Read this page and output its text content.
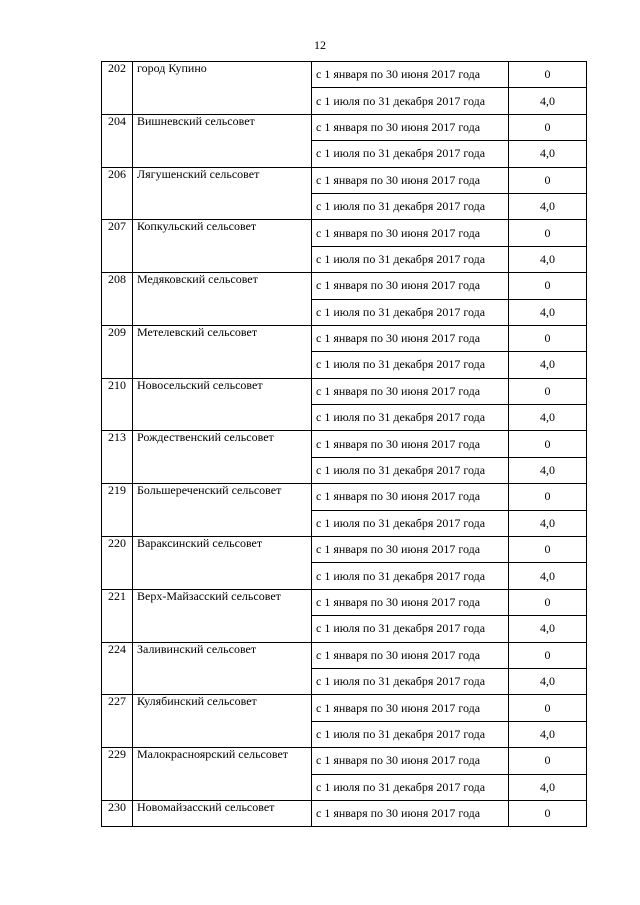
12
202	город Купино	с 1 января по 30 июня 2017 года	0
		с 1 июля по 31 декабря 2017 года	4,0
204	Вишневский сельсовет	с 1 января по 30 июня 2017 года	0
		с 1 июля по 31 декабря 2017 года	4,0
206	Лягушенский сельсовет	с 1 января по 30 июня 2017 года	0
		с 1 июля по 31 декабря 2017 года	4,0
207	Копкульский сельсовет	с 1 января по 30 июня 2017 года	0
		с 1 июля по 31 декабря 2017 года	4,0
208	Медяковский сельсовет	с 1 января по 30 июня 2017 года	0
		с 1 июля по 31 декабря 2017 года	4,0
209	Метелевский сельсовет	с 1 января по 30 июня 2017 года	0
		с 1 июля по 31 декабря 2017 года	4,0
210	Новосельский сельсовет	с 1 января по 30 июня 2017 года	0
		с 1 июля по 31 декабря 2017 года	4,0
213	Рождественский сельсовет	с 1 января по 30 июня 2017 года	0
		с 1 июля по 31 декабря 2017 года	4,0
219	Большереченский сельсовет	с 1 января по 30 июня 2017 года	0
		с 1 июля по 31 декабря 2017 года	4,0
220	Вараксинский сельсовет	с 1 января по 30 июня 2017 года	0
		с 1 июля по 31 декабря 2017 года	4,0
221	Верх-Майзасский сельсовет	с 1 января по 30 июня 2017 года	0
		с 1 июля по 31 декабря 2017 года	4,0
224	Заливинский сельсовет	с 1 января по 30 июня 2017 года	0
		с 1 июля по 31 декабря 2017 года	4,0
227	Кулябинский сельсовет	с 1 января по 30 июня 2017 года	0
		с 1 июля по 31 декабря 2017 года	4,0
229	Малокрасноярский сельсовет	с 1 января по 30 июня 2017 года	0
		с 1 июля по 31 декабря 2017 года	4,0
230	Новомайзасский сельсовет	с 1 января по 30 июня 2017 года	0
